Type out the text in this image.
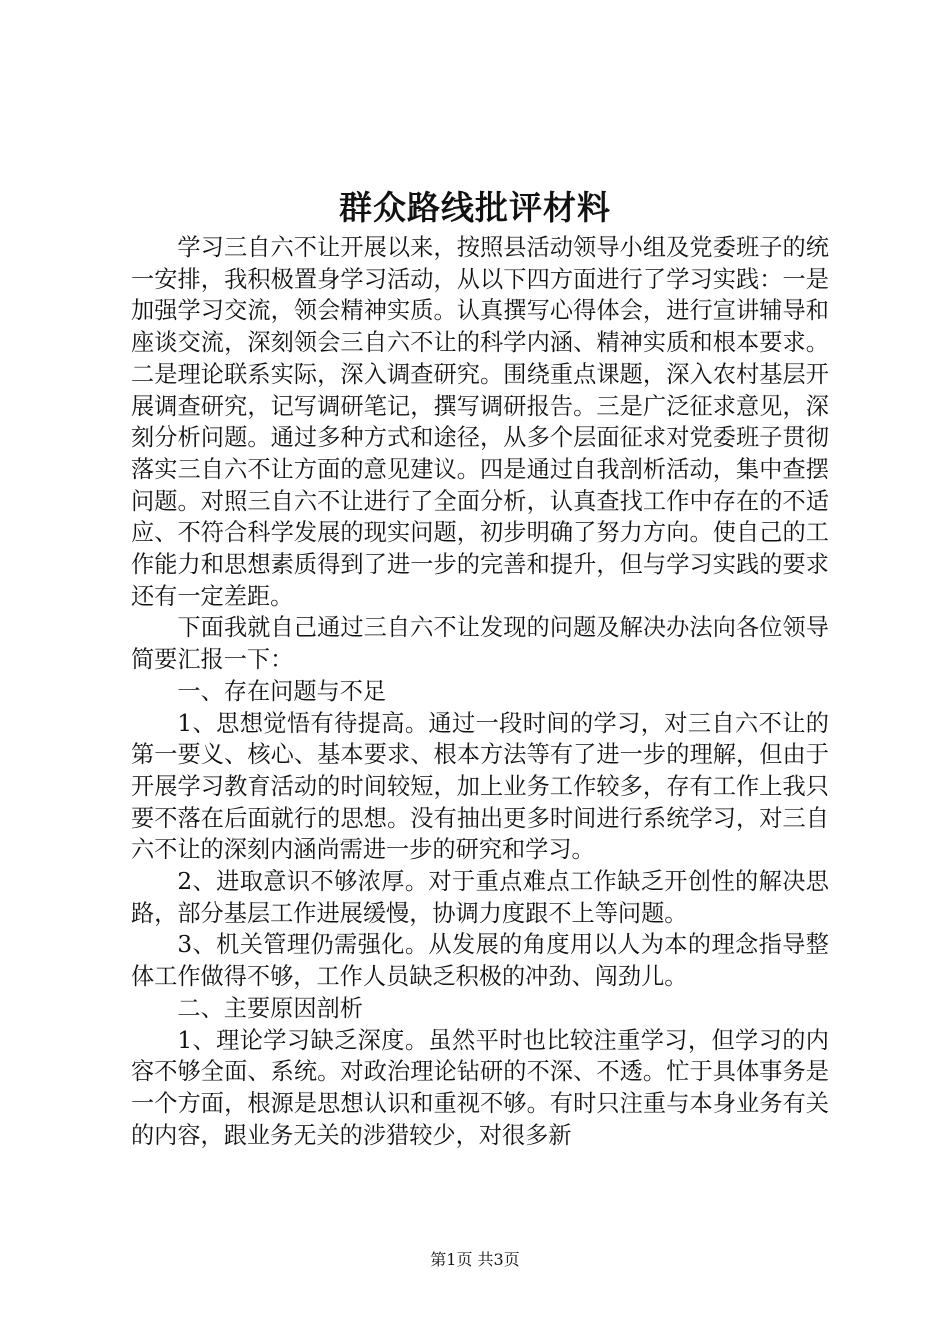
群众路线批评材料

学习三自六不让开展以来，按照县活动领导小组及党委班子的统一安排，我积极置身学习活动，从以下四方面进行了学习实践：一是加强学习交流，领会精神实质。认真撰写心得体会，进行宣讲辅导和座谈交流，深刻领会三自六不让的科学内涵、精神实质和根本要求。二是理论联系实际，深入调查研究。围绕重点课题，深入农村基层开展调查研究，记写调研笔记，撰写调研报告。三是广泛征求意见，深刻分析问题。通过多种方式和途径，从多个层面征求对党委班子贯彻落实三自六不让方面的意见建议。四是通过自我剖析活动，集中查摆问题。对照三自六不让进行了全面分析，认真查找工作中存在的不适应、不符合科学发展的现实问题，初步明确了努力方向。使自己的工作能力和思想素质得到了进一步的完善和提升，但与学习实践的要求还有一定差距。

下面我就自己通过三自六不让发现的问题及解决办法向各位领导简要汇报一下：

一、存在问题与不足

1、思想觉悟有待提高。通过一段时间的学习，对三自六不让的第一要义、核心、基本要求、根本方法等有了进一步的理解，但由于开展学习教育活动的时间较短，加上业务工作较多，存有工作上我只要不落在后面就行的思想。没有抽出更多时间进行系统学习，对三自六不让的深刻内涵尚需进一步的研究和学习。

2、进取意识不够浓厚。对于重点难点工作缺乏开创性的解决思路，部分基层工作进展缓慢，协调力度跟不上等问题。

3、机关管理仍需强化。从发展的角度用以人为本的理念指导整体工作做得不够，工作人员缺乏积极的冲劲、闯劲儿。

二、主要原因剖析

1、理论学习缺乏深度。虽然平时也比较注重学习，但学习的内容不够全面、系统。对政治理论钻研的不深、不透。忙于具体事务是一个方面，根源是思想认识和重视不够。有时只注重与本身业务有关的内容，跟业务无关的涉猎较少，对很多新

第1页 共3页
